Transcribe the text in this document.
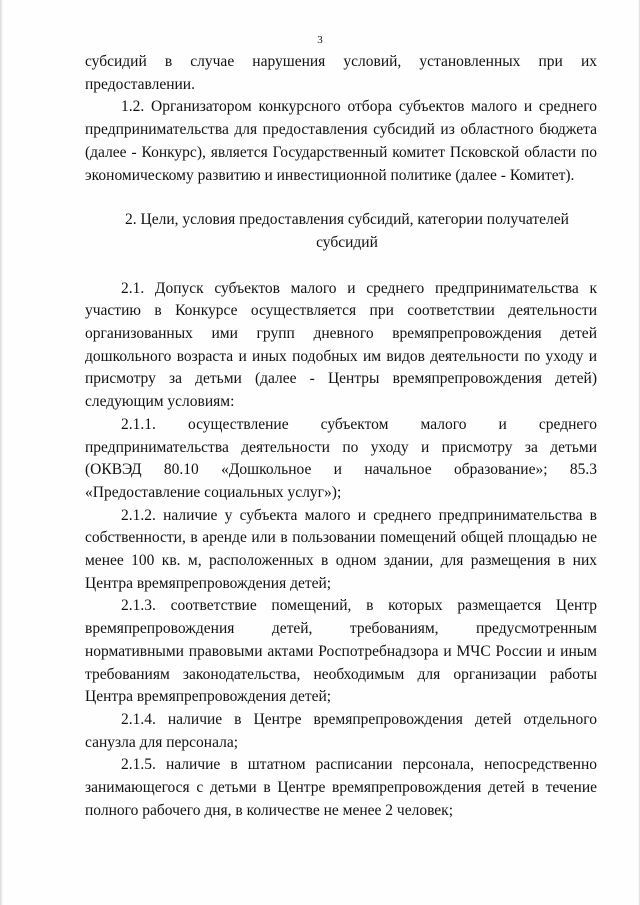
3

субсидий в случае нарушения условий, установленных при их предоставлении.

1.2. Организатором конкурсного отбора субъектов малого и среднего предпринимательства для предоставления субсидий из областного бюджета (далее - Конкурс), является Государственный комитет Псковской области по экономическому развитию и инвестиционной политике (далее - Комитет).

2. Цели, условия предоставления субсидий, категории получателей субсидий

2.1. Допуск субъектов малого и среднего предпринимательства к участию в Конкурсе осуществляется при соответствии деятельности организованных ими групп дневного времяпрепровождения детей дошкольного возраста и иных подобных им видов деятельности по уходу и присмотру за детьми (далее - Центры времяпрепровождения детей) следующим условиям:

2.1.1. осуществление субъектом малого и среднего предпринимательства деятельности по уходу и присмотру за детьми (ОКВЭД 80.10 «Дошкольное и начальное образование»; 85.3 «Предоставление социальных услуг»);

2.1.2. наличие у субъекта малого и среднего предпринимательства в собственности, в аренде или в пользовании помещений общей площадью не менее 100 кв. м, расположенных в одном здании, для размещения в них Центра времяпрепровождения детей;

2.1.3. соответствие помещений, в которых размещается Центр времяпрепровождения детей, требованиям, предусмотренным нормативными правовыми актами Роспотребнадзора и МЧС России и иным требованиям законодательства, необходимым для организации работы Центра времяпрепровождения детей;

2.1.4. наличие в Центре времяпрепровождения детей отдельного санузла для персонала;

2.1.5. наличие в штатном расписании персонала, непосредственно занимающегося с детьми в Центре времяпрепровождения детей в течение полного рабочего дня, в количестве не менее 2 человек;
